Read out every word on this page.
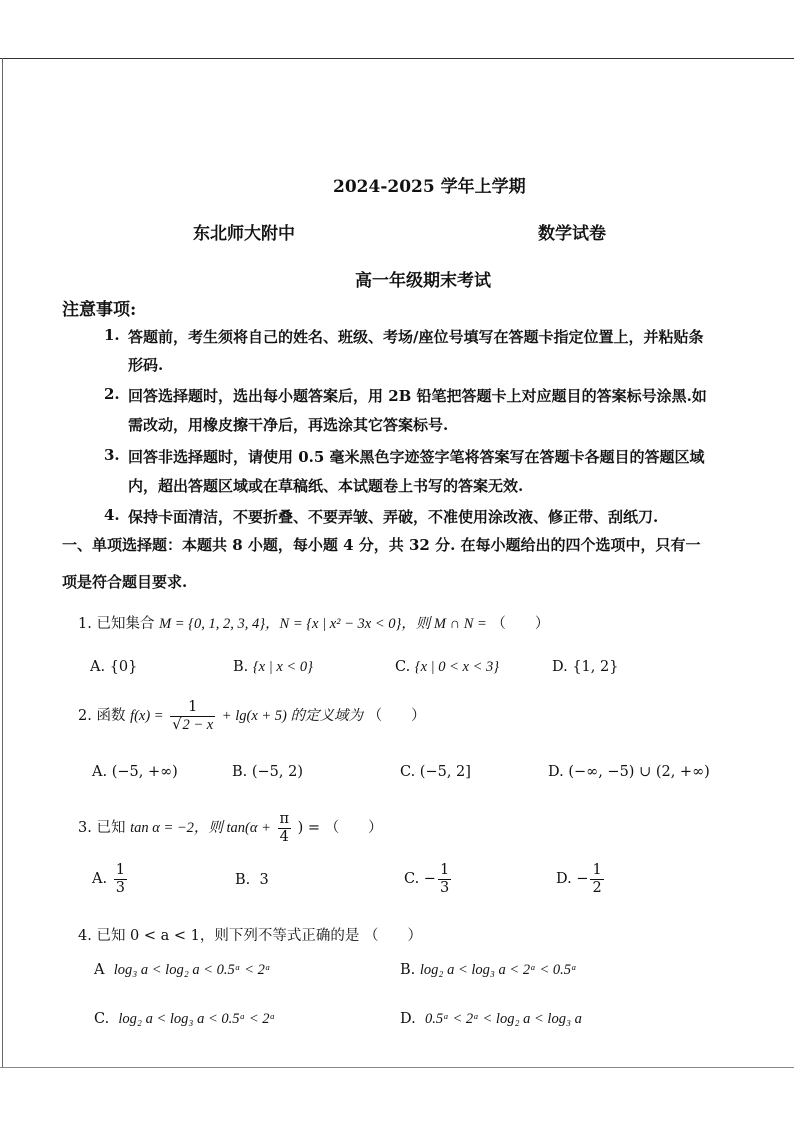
2024-2025 学年上学期
东北师大附中	数学试卷
高一年级期末考试
注意事项:
1. 答题前，考生须将自己的姓名、班级、考场/座位号填写在答题卡指定位置上，并粘贴条
形码.
2. 回答选择题时，选出每小题答案后，用 2B 铅笔把答题卡上对应题目的答案标号涂黑.如
需改动，用橡皮擦干净后，再选涂其它答案标号.
3. 回答非选择题时，请使用 0.5 毫米黑色字迹签字笔将答案写在答题卡各题目的答题区域
内，超出答题区域或在草稿纸、本试题卷上书写的答案无效.
4. 保持卡面清洁，不要折叠、不要弄皱、弄破，不准使用涂改液、修正带、刮纸刀.
一、单项选择题：本题共 8 小题，每小题 4 分，共 32 分. 在每小题给出的四个选项中，只有一
项是符合题目要求.
1. 已知集合 M = {0, 1, 2, 3, 4}，N = {x | x² − 3x < 0}，则 M ∩ N = （　　）
A. {0}	B. {x | x < 0}	C. {x | 0 < x < 3}	D. {1, 2}
2. 函数 $f(x) = \frac{1}{√2 - x} + \lg(x + 5)$ 的定义域为 （　　）
A. (−5, +∞)	B. (−5, 2)	C. (−5, 2]	D. (−∞, −5) ∪ (2, +∞)
3. 已知 tan α = −2，则 $\tan(\alpha + \frac{\pi}{4}$ ) = （　　）
A. $\frac{1}{3}$	B. 3	C. − $\frac{1}{3}$	D. − $\frac{1}{2}$
4. 已知 0 < a < 1，则下列不等式正确的是 （　　）
A log₃ a < log₂ a < 0.5ᵃ < 2ᵃ	B. log₂ a < log₃ a < 2ᵃ < 0.5ᵃ
C. log₂ a < log₃ a < 0.5ᵃ < 2ᵃ	D. 0.5ᵃ < 2ᵃ < log₂ a < log₃ a
